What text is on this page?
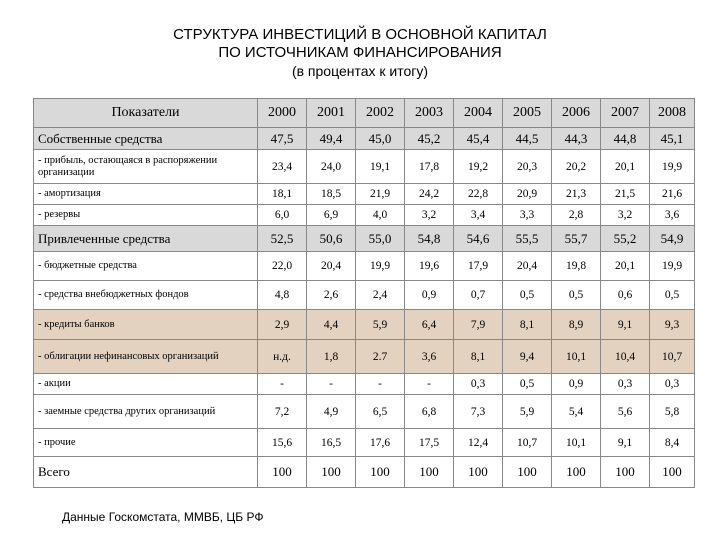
СТРУКТУРА ИНВЕСТИЦИЙ В ОСНОВНОЙ КАПИТАЛ
ПО ИСТОЧНИКАМ ФИНАНСИРОВАНИЯ
(в процентах к итогу)
Показатели	2000	2001	2002	2003	2004	2005	2006	2007	2008
Собственные средства	47,5	49,4	45,0	45,2	45,4	44,5	44,3	44,8	45,1
- прибыль, остающаяся в распоряжении организации	23,4	24,0	19,1	17,8	19,2	20,3	20,2	20,1	19,9
- амортизация	18,1	18,5	21,9	24,2	22,8	20,9	21,3	21,5	21,6
- резервы	6,0	6,9	4,0	3,2	3,4	3,3	2,8	3,2	3,6
Привлеченные средства	52,5	50,6	55,0	54,8	54,6	55,5	55,7	55,2	54,9
- бюджетные средства	22,0	20,4	19,9	19,6	17,9	20,4	19,8	20,1	19,9
- средства внебюджетных фондов	4,8	2,6	2,4	0,9	0,7	0,5	0,5	0,6	0,5
- кредиты банков	2,9	4,4	5,9	6,4	7,9	8,1	8,9	9,1	9,3
- облигации нефинансовых организаций	н.д.	1,8	2.7	3,6	8,1	9,4	10,1	10,4	10,7
- акции	-	-	-	-	0,3	0,5	0,9	0,3	0,3
- заемные средства других организаций	7,2	4,9	6,5	6,8	7,3	5,9	5,4	5,6	5,8
- прочие	15,6	16,5	17,6	17,5	12,4	10,7	10,1	9,1	8,4
Всего	100	100	100	100	100	100	100	100	100
Данные Госкомстата, ММВБ, ЦБ РФ
